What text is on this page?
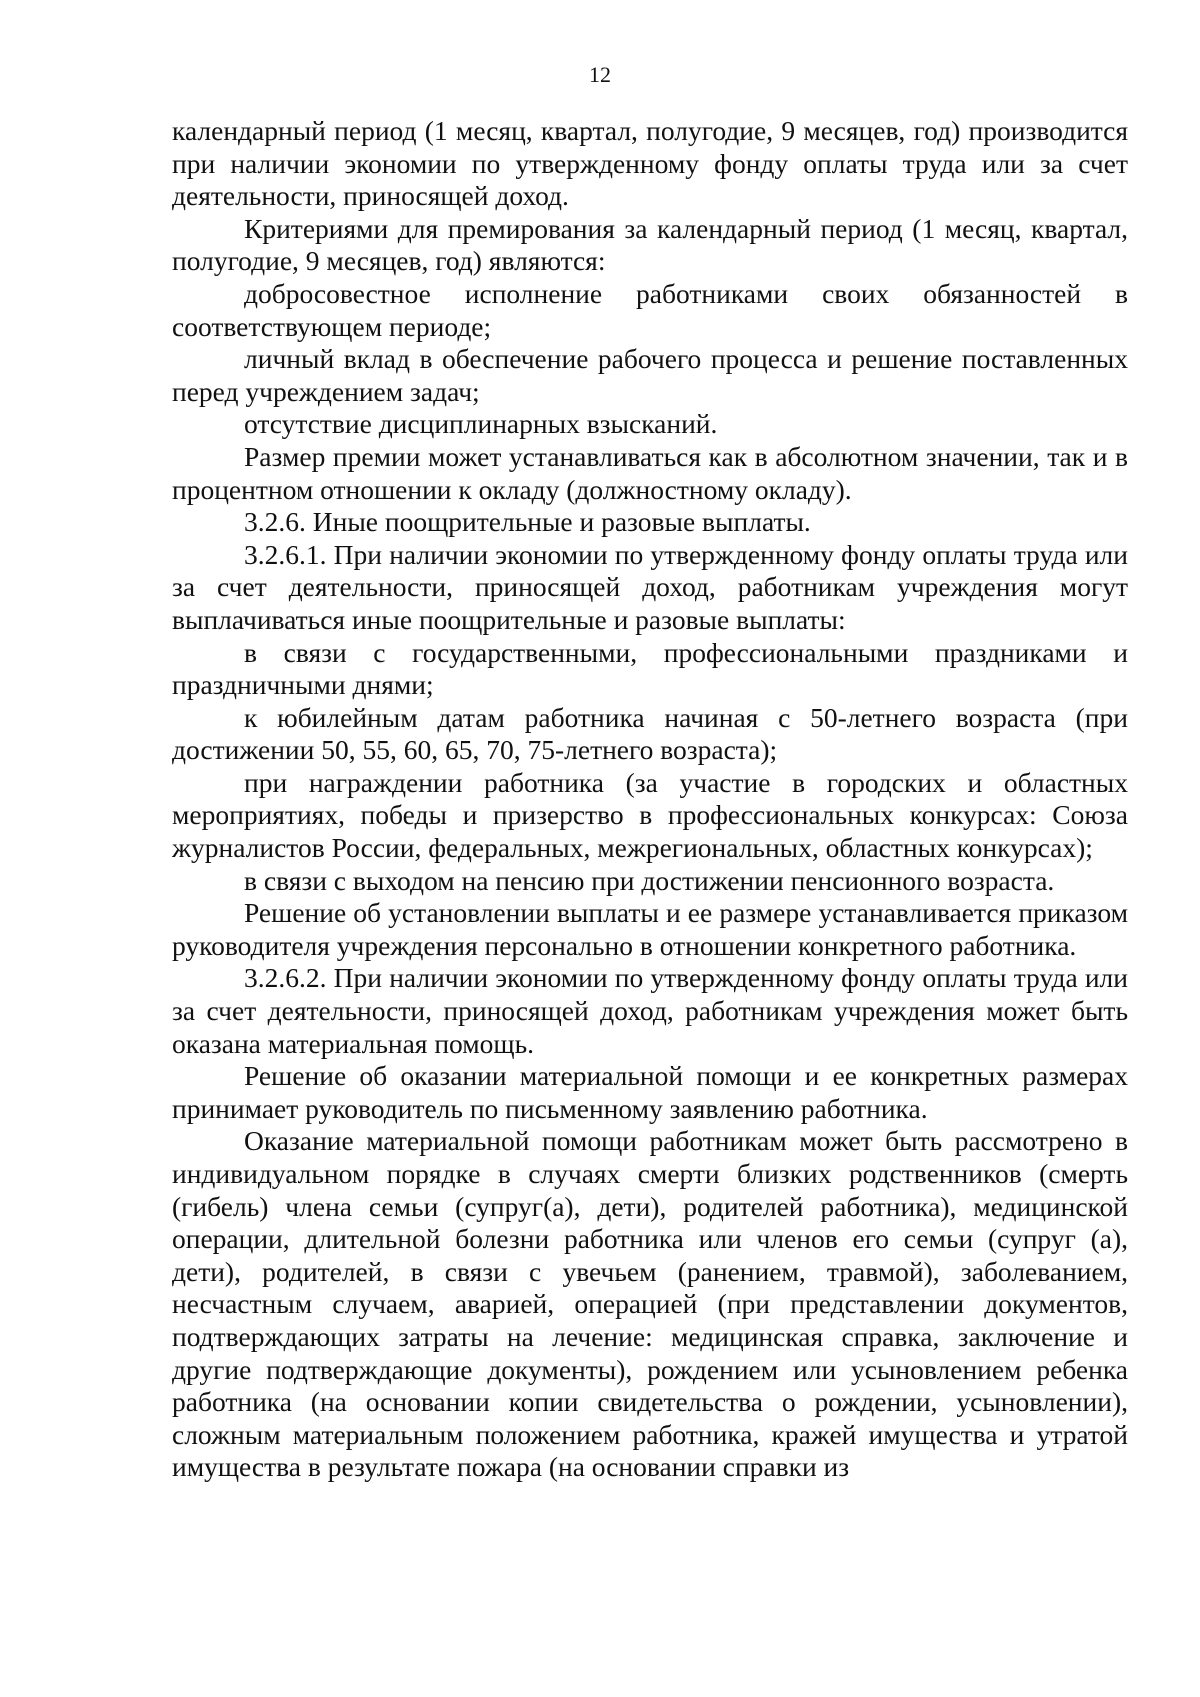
12

календарный период (1 месяц, квартал, полугодие, 9 месяцев, год) производится при наличии экономии по утвержденному фонду оплаты труда или за счет деятельности, приносящей доход.

Критериями для премирования за календарный период (1 месяц, квартал, полугодие, 9 месяцев, год) являются:

добросовестное исполнение работниками своих обязанностей в соответствующем периоде;

личный вклад в обеспечение рабочего процесса и решение поставленных перед учреждением задач;

отсутствие дисциплинарных взысканий.

Размер премии может устанавливаться как в абсолютном значении, так и в процентном отношении к окладу (должностному окладу).

3.2.6. Иные поощрительные и разовые выплаты.

3.2.6.1. При наличии экономии по утвержденному фонду оплаты труда или за счет деятельности, приносящей доход, работникам учреждения могут выплачиваться иные поощрительные и разовые выплаты:

в связи с государственными, профессиональными праздниками и праздничными днями;

к юбилейным датам работника начиная с 50-летнего возраста (при достижении 50, 55, 60, 65, 70, 75-летнего возраста);

при награждении работника (за участие в городских и областных мероприятиях, победы и призерство в профессиональных конкурсах: Союза журналистов России, федеральных, межрегиональных, областных конкурсах);

в связи с выходом на пенсию при достижении пенсионного возраста.

Решение об установлении выплаты и ее размере устанавливается приказом руководителя учреждения персонально в отношении конкретного работника.

3.2.6.2. При наличии экономии по утвержденному фонду оплаты труда или за счет деятельности, приносящей доход, работникам учреждения может быть оказана материальная помощь.

Решение об оказании материальной помощи и ее конкретных размерах принимает руководитель по письменному заявлению работника.

Оказание материальной помощи работникам может быть рассмотрено в индивидуальном порядке в случаях смерти близких родственников (смерть (гибель) члена семьи (супруг(а), дети), родителей работника), медицинской операции, длительной болезни работника или членов его семьи (супруг (а), дети), родителей, в связи с увечьем (ранением, травмой), заболеванием, несчастным случаем, аварией, операцией (при представлении документов, подтверждающих затраты на лечение: медицинская справка, заключение и другие подтверждающие документы), рождением или усыновлением ребенка работника (на основании копии свидетельства о рождении, усыновлении), сложным материальным положением работника, кражей имущества и утратой имущества в результате пожара (на основании справки из
